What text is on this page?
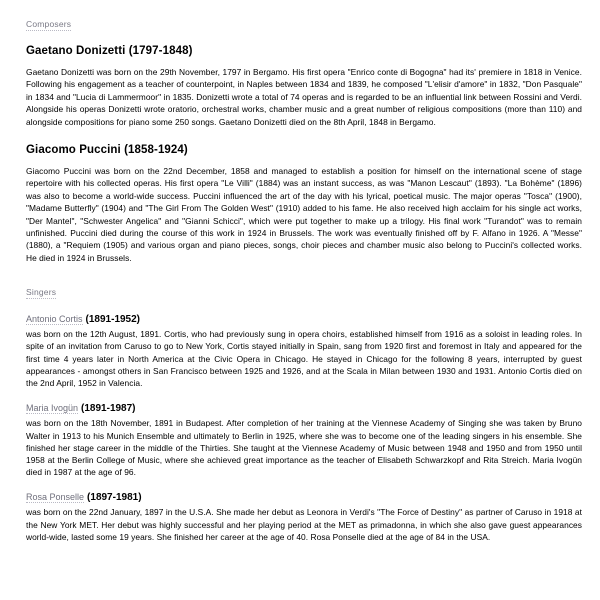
Composers
Gaetano Donizetti (1797-1848)

Gaetano Donizetti was born on the 29th November, 1797 in Bergamo. His first opera "Enrico conte di Bogogna" had its' premiere in 1818 in Venice. Following his engagement as a teacher of counterpoint, in Naples between 1834 and 1839, he composed "L'elisir d'amore" in 1832, "Don Pasquale" in 1834 and "Lucia di Lammermoor" in 1835. Donizetti wrote a total of 74 operas and is regarded to be an influential link between Rossini and Verdi. Alongside his operas Donizetti wrote oratorio, orchestral works, chamber music and a great number of religious compositions (more than 110) and alongside compositions for piano some 250 songs. Gaetano Donizetti died on the 8th April, 1848 in Bergamo.

Giacomo Puccini (1858-1924)

Giacomo Puccini was born on the 22nd December, 1858 and managed to establish a position for himself on the international scene of stage repertoire with his collected operas. His first opera "Le Villi" (1884) was an instant success, as was "Manon Lescaut" (1893). "La Bohème" (1896) was also to become a world-wide success. Puccini influenced the art of the day with his lyrical, poetical music. The major operas "Tosca" (1900), "Madame Butterfly" (1904) and "The Girl From The Golden West" (1910) added to his fame. He also received high acclaim for his single act works, "Der Mantel", "Schwester Angelica" and "Gianni Schicci", which were put together to make up a trilogy. His final work "Turandot" was to remain unfinished. Puccini died during the course of this work in 1924 in Brussels. The work was eventually finished off by F. Alfano in 1926. A "Messe" (1880), a "Requiem (1905) and various organ and piano pieces, songs, choir pieces and chamber music also belong to Puccini's collected works. He died in 1924 in Brussels.

Singers
Antonio Cortis (1891-1952)

was born on the 12th August, 1891. Cortis, who had previously sung in opera choirs, established himself from 1916 as a soloist in leading roles. In spite of an invitation from Caruso to go to New York, Cortis stayed initially in Spain, sang from 1920 first and foremost in Italy and appeared for the first time 4 years later in North America at the Civic Opera in Chicago. He stayed in Chicago for the following 8 years, interrupted by guest appearances - amongst others in San Francisco between 1925 and 1926, and at the Scala in Milan between 1930 and 1931. Antonio Cortis died on the 2nd April, 1952 in Valencia.

Maria Ivogün (1891-1987)

was born on the 18th November, 1891 in Budapest. After completion of her training at the Viennese Academy of Singing she was taken by Bruno Walter in 1913 to his Munich Ensemble and ultimately to Berlin in 1925, where she was to become one of the leading singers in his ensemble. She finished her stage career in the middle of the Thirties. She taught at the Viennese Academy of Music between 1948 and 1950 and from 1950 until 1958 at the Berlin College of Music, where she achieved great importance as the teacher of Elisabeth Schwarzkopf and Rita Streich. Maria Ivogün died in 1987 at the age of 96.

Rosa Ponselle (1897-1981)

was born on the 22nd January, 1897 in the U.S.A. She made her debut as Leonora in Verdi's "The Force of Destiny" as partner of Caruso in 1918 at the New York MET. Her debut was highly successful and her playing period at the MET as primadonna, in which she also gave guest appearances world-wide, lasted some 19 years. She finished her career at the age of 40. Rosa Ponselle died at the age of 84 in the USA.
